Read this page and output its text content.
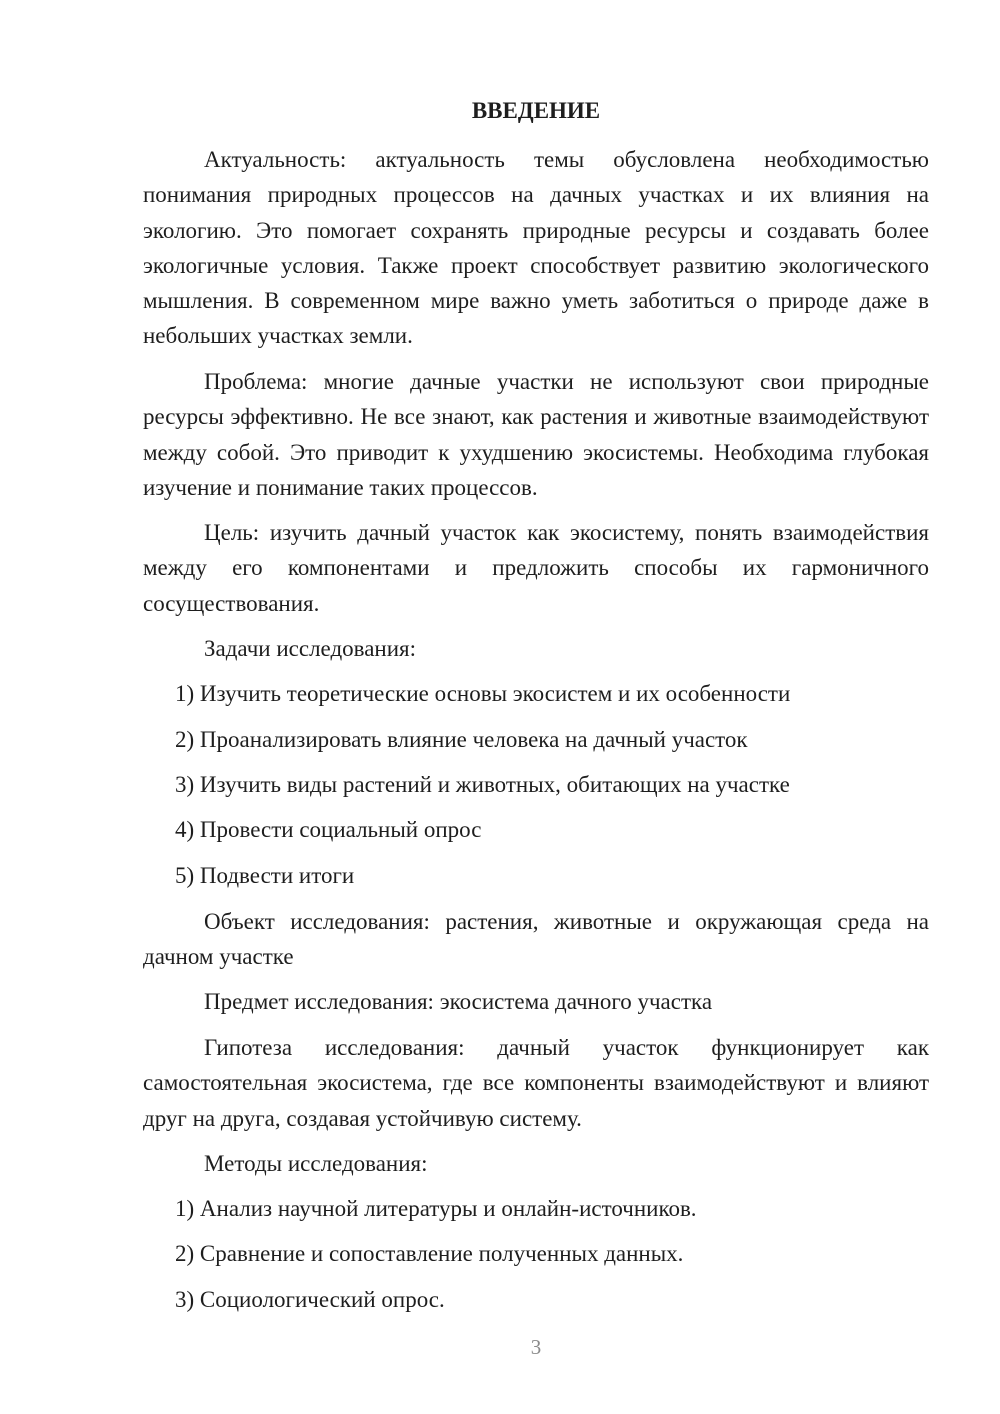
ВВЕДЕНИЕ

Актуальность: актуальность темы обусловлена необходимостью понимания природных процессов на дачных участках и их влияния на экологию. Это помогает сохранять природные ресурсы и создавать более экологичные условия. Также проект способствует развитию экологического мышления. В современном мире важно уметь заботиться о природе даже в небольших участках земли.

Проблема: многие дачные участки не используют свои природные ресурсы эффективно. Не все знают, как растения и животные взаимодействуют между собой. Это приводит к ухудшению экосистемы. Необходима глубокая изучение и понимание таких процессов.

Цель: изучить дачный участок как экосистему, понять взаимодействия между его компонентами и предложить способы их гармоничного сосуществования.

Задачи исследования:

1) Изучить теоретические основы экосистем и их особенности

2) Проанализировать влияние человека на дачный участок

3) Изучить виды растений и животных, обитающих на участке

4) Провести социальный опрос

5) Подвести итоги

Объект исследования: растения, животные и окружающая среда на дачном участке

Предмет исследования: экосистема дачного участка

Гипотеза исследования: дачный участок функционирует как самостоятельная экосистема, где все компоненты взаимодействуют и влияют друг на друга, создавая устойчивую систему.

Методы исследования:

1) Анализ научной литературы и онлайн-источников.

2) Сравнение и сопоставление полученных данных.

3) Социологический опрос.

3
